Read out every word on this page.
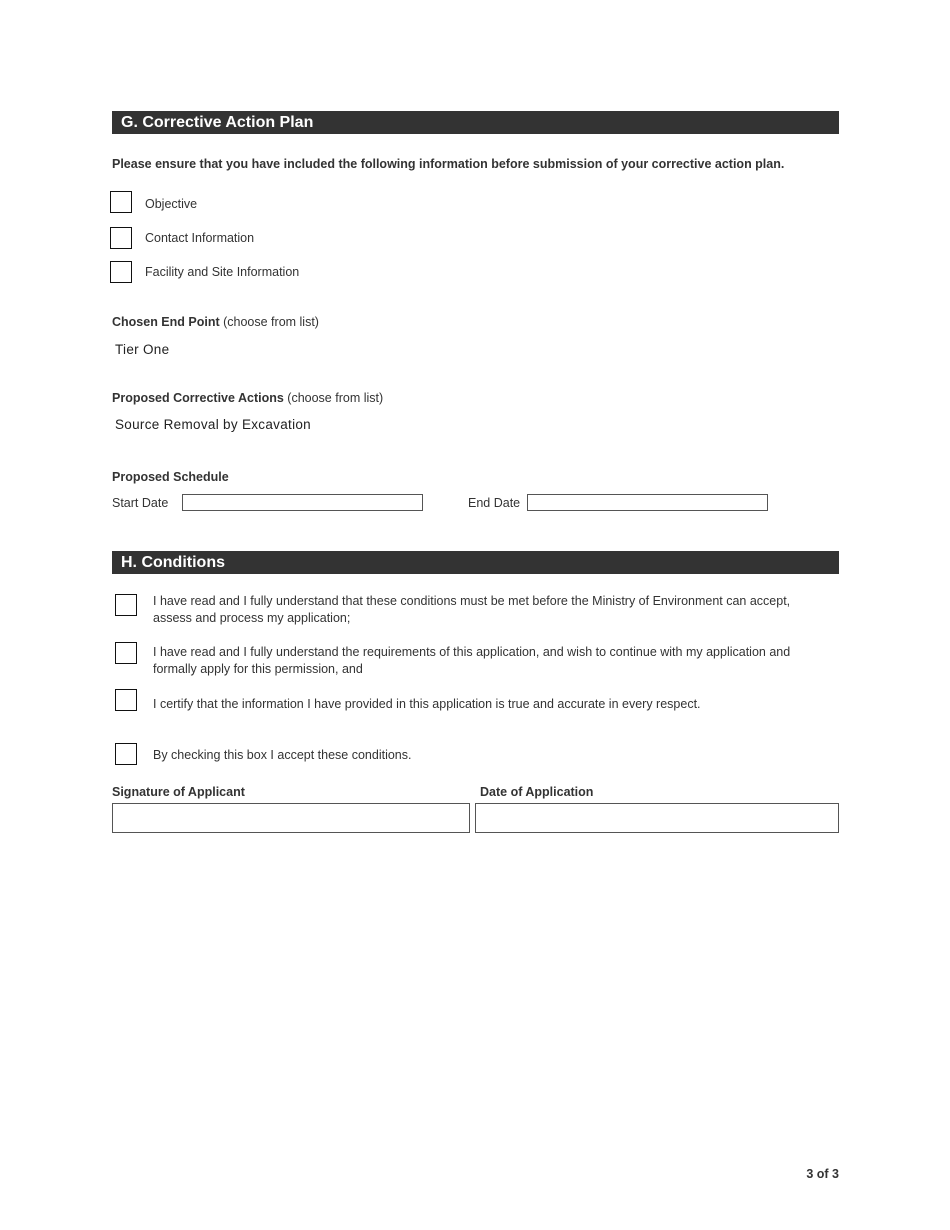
G. Corrective Action Plan
Please ensure that you have included the following information before submission of your corrective action plan.
Objective
Contact Information
Facility and Site Information
Chosen End Point (choose from list)
Tier One
Proposed Corrective Actions (choose from list)
Source Removal by Excavation
Proposed Schedule
Start Date	End Date
H. Conditions
I have read and I fully understand that these conditions must be met before the Ministry of Environment can accept, assess and process my application;
I have read and I fully understand the requirements of this application, and wish to continue with my application and formally apply for this permission, and
I certify that the information I have provided in this application is true and accurate in every respect.
By checking this box I accept these conditions.
Signature of Applicant	Date of Application
3 of 3
